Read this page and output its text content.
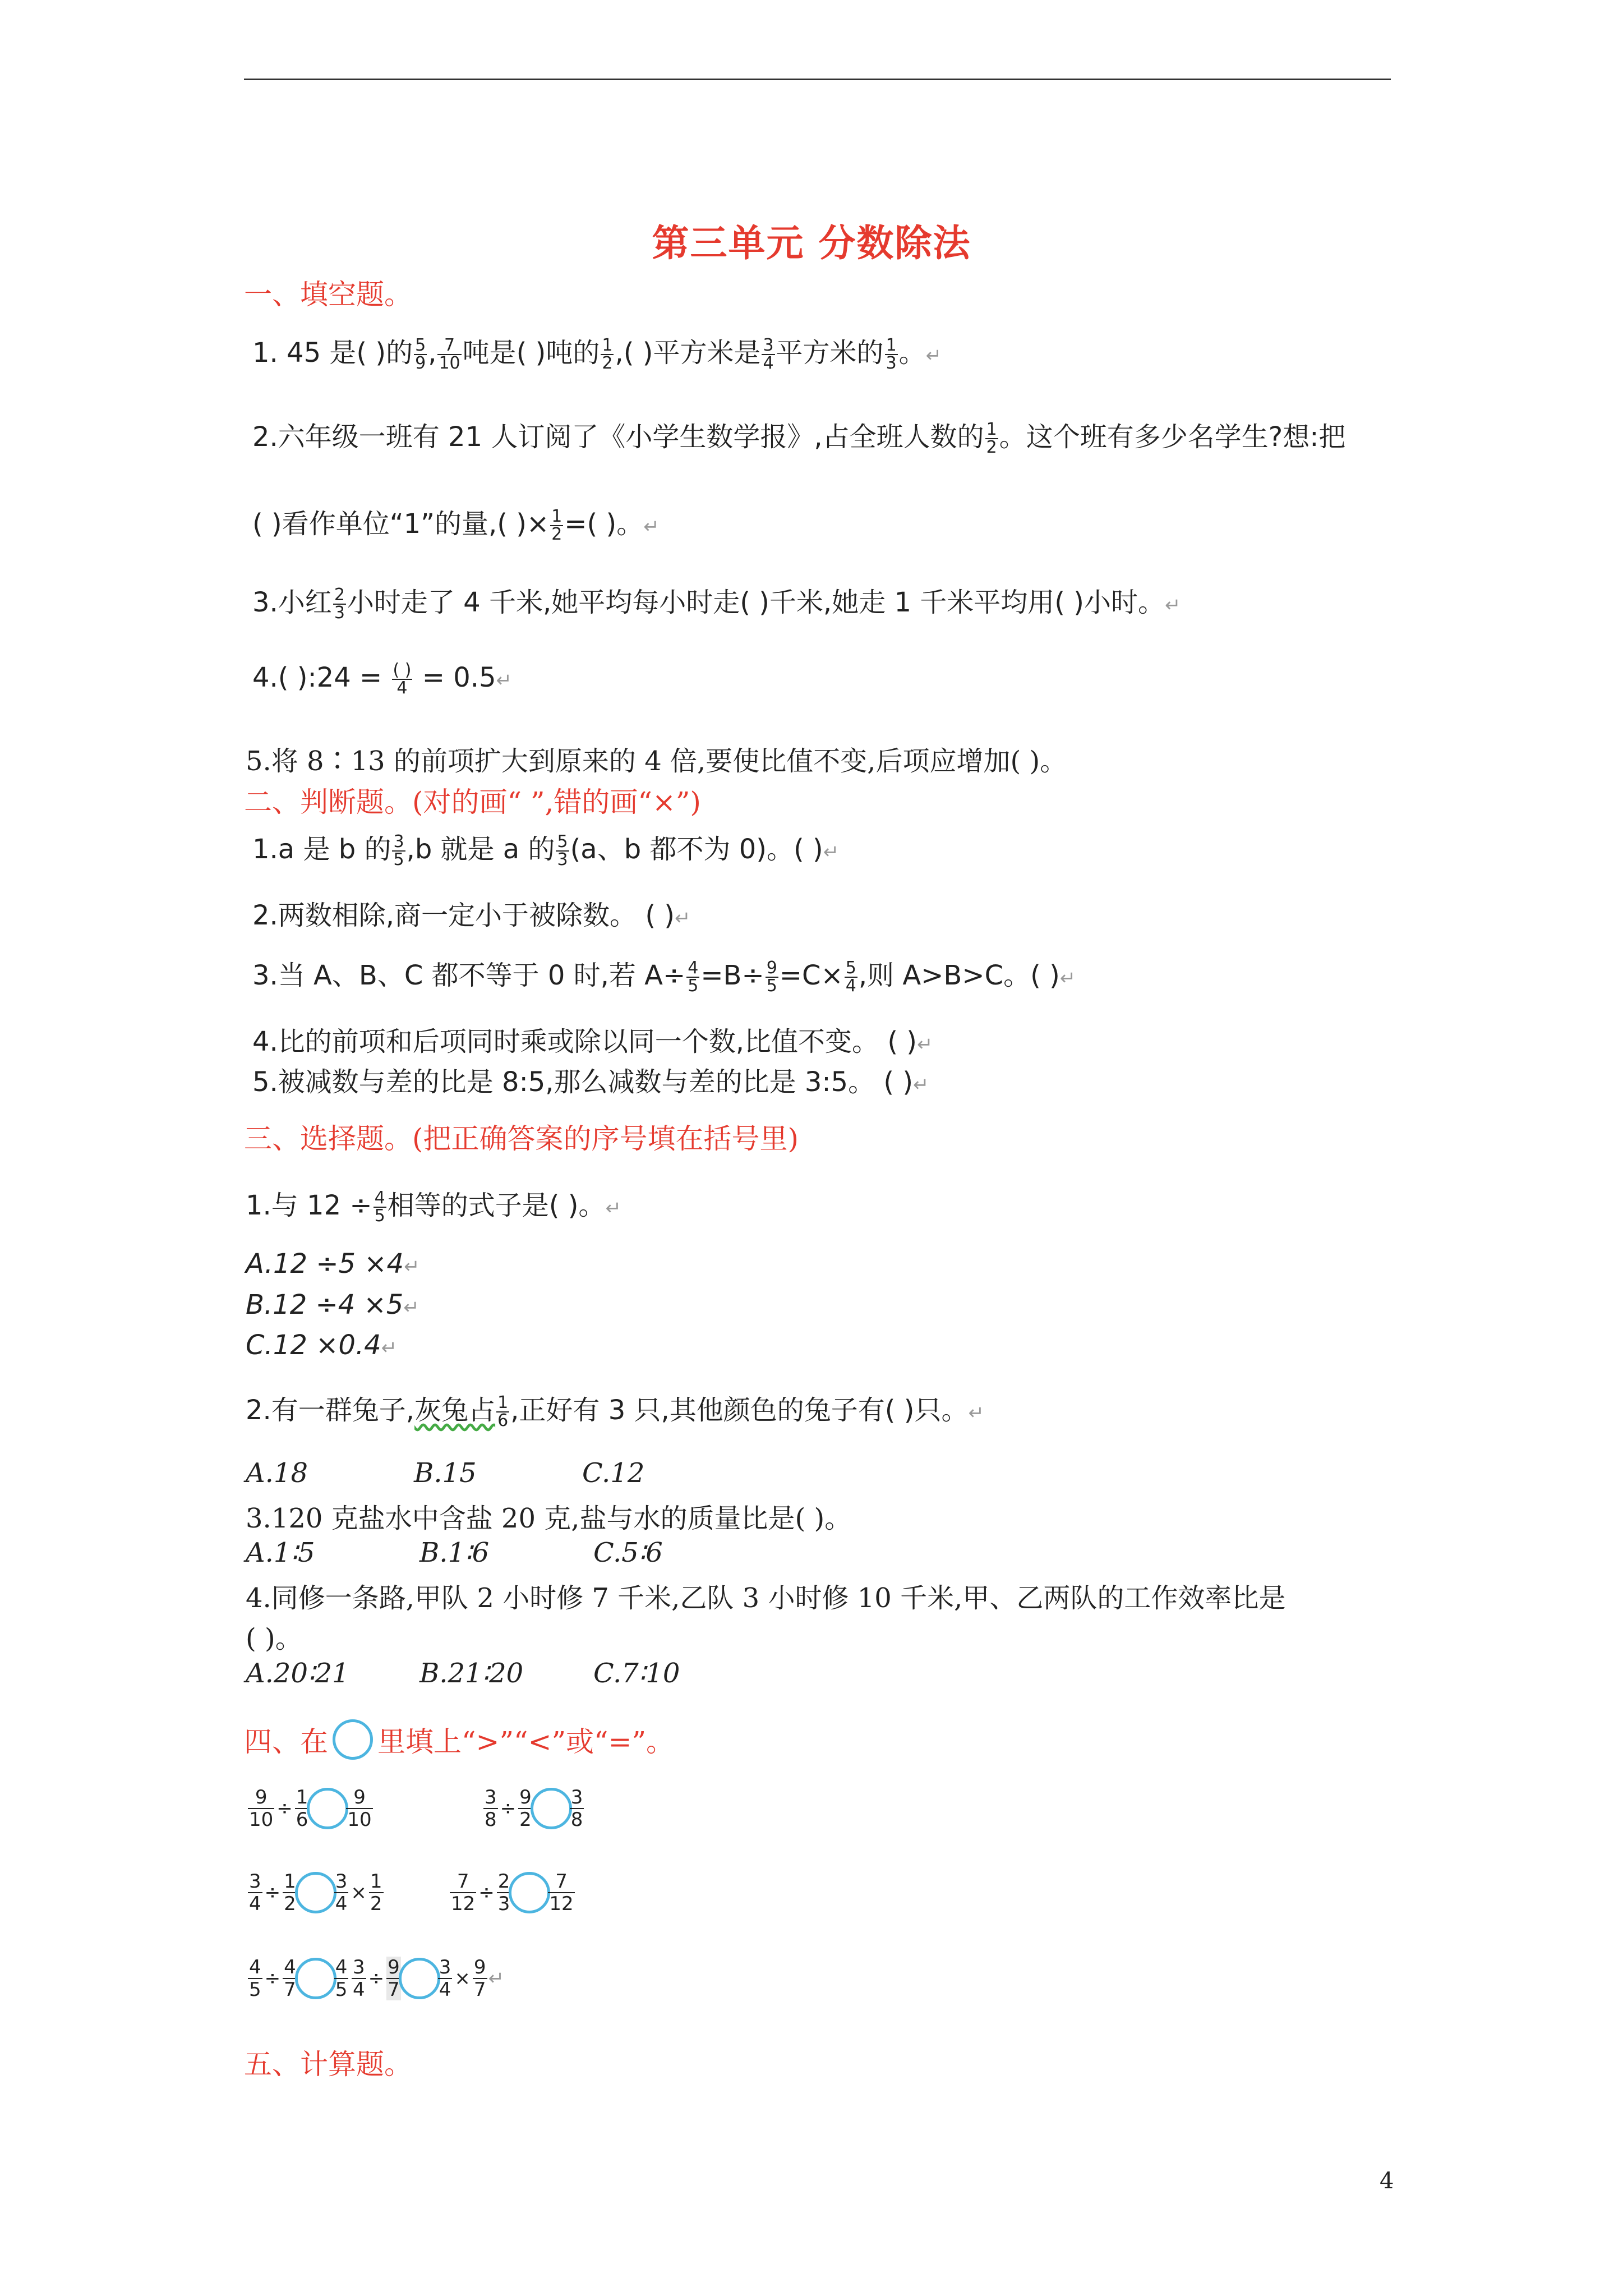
第三单元 分数除法
一、填空题。
1. 45 是( )的 $\frac{5}{9}$ , $\frac{7}{10}$ 吨是( )吨的 $\frac{1}{2}$ ,( )平方米是 $\frac{3}{4}$ 平方米的 $\frac{1}{3}$ 。↵
2.六年级一班有 21 人订阅了《小学生数学报》,占全班人数的 $\frac{1}{2}$ 。这个班有多少名学生?想:把
( )看作单位“1”的量,( )× $\frac{1}{2}$ =( )。↵
3.小红 $\frac{2}{3}$ 小时走了 4 千米,她平均每小时走( )千米,她走 1 千米平均用( )小时。↵
4.( ):24 = $\frac{( )}{4}$ = 0.5↵
5.将 8∶13 的前项扩大到原来的 4 倍,要使比值不变,后项应增加( )。
二、判断题。(对的画“ ”,错的画“×”)
1.a 是 b 的 $\frac{3}{5} ,b$ 就是 a 的 $\frac{5}{3} (a$、b 都不为 0)。( )↵
2.两数相除,商一定小于被除数。 ( )↵
3.当 A、B、C 都不等于 0 时,若 $A\div \frac{4}{5} =B\div \frac{9}{5} =C\times \frac{5}{4}$ ,则 A>B>C。( )↵
4.比的前项和后项同时乘或除以同一个数,比值不变。 ( )↵
5.被减数与差的比是 8:5,那么减数与差的比是 3:5。 ( )↵
三、选择题。(把正确答案的序号填在括号里)
1.与 $12 \div \frac{4}{5}$ 相等的式子是( )。↵
A.12 ÷5 ×4↵
B.12 ÷4 ×5↵
C.12 ×0.4↵
2.有一群兔子,灰兔占 $\frac{1}{6}$ ,正好有 3 只,其他颜色的兔子有( )只。↵
A.18	B.15	C.12
3.120 克盐水中含盐 20 克,盐与水的质量比是( )。
A.1∶5	B.1∶6	C.5∶6
4.同修一条路,甲队 2 小时修 7 千米,乙队 3 小时修 10 千米,甲、乙两队的工作效率比是
( )。
A.20∶21	B.21∶20	C.7∶10
四、在 里填上“>”“<”或“=”。
$\frac{9}{10} \div \frac{1}{6} \frac{9}{10}$	$\frac{3}{8} \div \frac{9}{2} \frac{3}{8}$
$\frac{3}{4} \div \frac{1}{2} \frac{3}{4} \times \frac{1}{2}$	$\frac{7}{12} \div \frac{2}{3} \frac{7}{12}$
$\frac{4}{5} \div \frac{4}{7} \frac{4}{5} \frac{3}{4} \div \frac{9}{7} \frac{3}{4} \times \frac{9}{7}$ ↵
五、计算题。
4
